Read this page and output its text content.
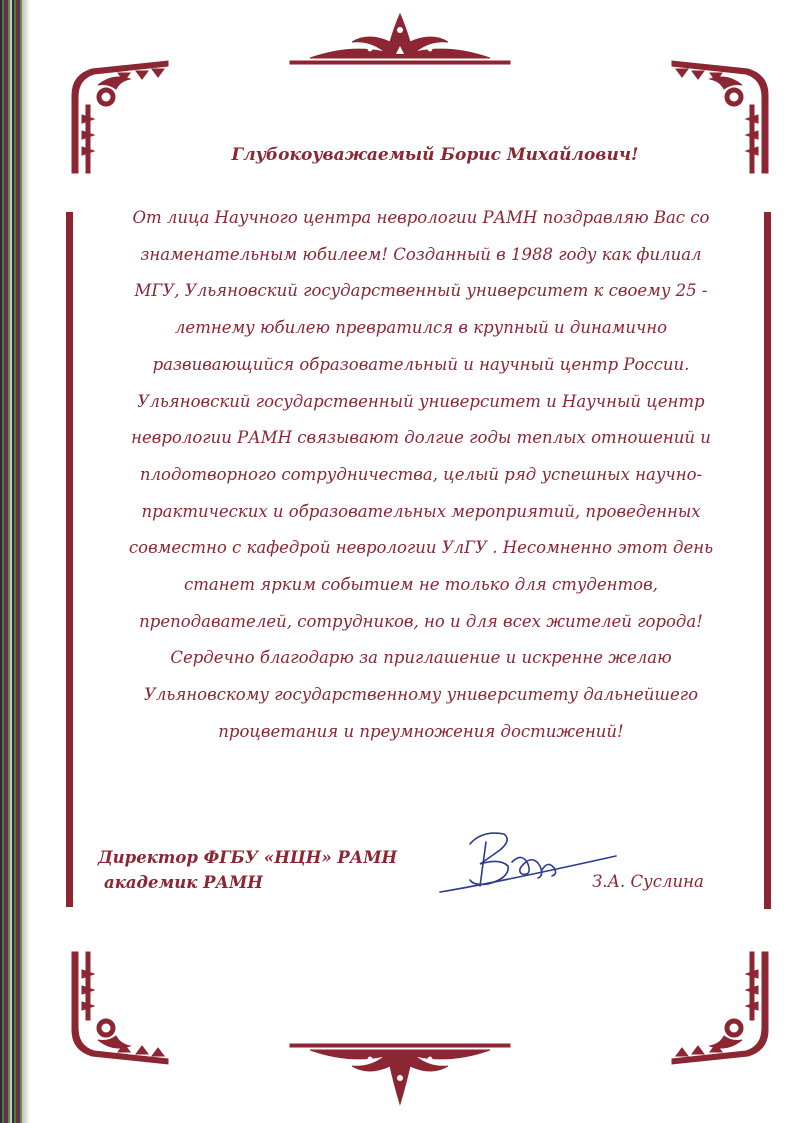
Глубокоуважаемый Борис Михайлович!
От лица Научного центра неврологии РАМН поздравляю Вас со
знаменательным юбилеем! Созданный в 1988 году как филиал
МГУ, Ульяновский государственный университет к своему 25 -
летнему юбилею превратился в крупный и динамично
развивающийся образовательный и научный центр России.
Ульяновский государственный университет и Научный центр
неврологии РАМН связывают долгие годы теплых отношений и
плодотворного сотрудничества, целый ряд успешных научно-
практических и образовательных мероприятий, проведенных
совместно с кафедрой неврологии УлГУ . Несомненно этот день
станет ярким событием не только для студентов,
преподавателей, сотрудников, но и для всех жителей города!
Сердечно благодарю за приглашение и искренне желаю
Ульяновскому государственному университету дальнейшего
процветания и преумножения достижений!
Директор ФГБУ «НЦН» РАМН
академик РАМН	З.А. Суслина
